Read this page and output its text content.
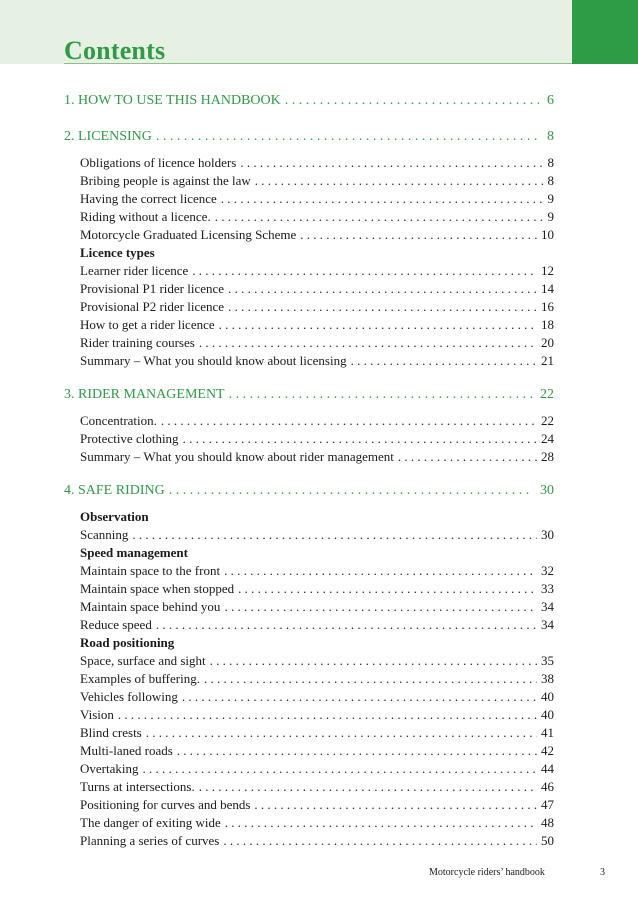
Contents
1. HOW TO USE THIS HANDBOOK . . .	6
2. LICENSING . . .	8
Obligations of licence holders . . .	8
Bribing people is against the law . . .	8
Having the correct licence . . .	9
Riding without a licence. . . .	9
Motorcycle Graduated Licensing Scheme . . .	10
Licence types
Learner rider licence . . .	12
Provisional P1 rider licence . . .	14
Provisional P2 rider licence . . .	16
How to get a rider licence . . .	18
Rider training courses . . .	20
Summary – What you should know about licensing . . .	21
3. RIDER MANAGEMENT . . .	22
Concentration. . . .	22
Protective clothing . . .	24
Summary – What you should know about rider management . . .	28
4. SAFE RIDING . . .	30
Observation
Scanning . . .	30
Speed management
Maintain space to the front . . .	32
Maintain space when stopped . . .	33
Maintain space behind you . . .	34
Reduce speed . . .	34
Road positioning
Space, surface and sight . . .	35
Examples of buffering. . . .	38
Vehicles following . . .	40
Vision . . .	40
Blind crests . . .	41
Multi-laned roads . . .	42
Overtaking . . .	44
Turns at intersections. . . .	46
Positioning for curves and bends . . .	47
The danger of exiting wide . . .	48
Planning a series of curves . . .	50
Motorcycle riders’ handbook	3
